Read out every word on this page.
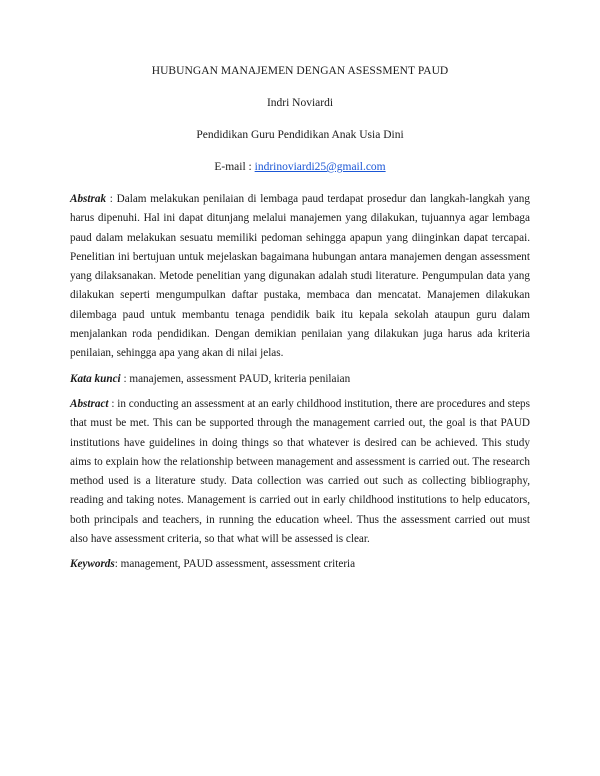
HUBUNGAN MANAJEMEN DENGAN ASESSMENT PAUD

Indri Noviardi

Pendidikan Guru Pendidikan Anak Usia Dini

E-mail : indrinoviardi25@gmail.com

Abstrak : Dalam melakukan penilaian di lembaga paud terdapat prosedur dan langkah-langkah yang harus dipenuhi. Hal ini dapat ditunjang melalui manajemen yang dilakukan, tujuannya agar lembaga paud dalam melakukan sesuatu memiliki pedoman sehingga apapun yang diinginkan dapat tercapai. Penelitian ini bertujuan untuk mejelaskan bagaimana hubungan antara manajemen dengan assessment yang dilaksanakan. Metode penelitian yang digunakan adalah studi literature. Pengumpulan data yang dilakukan seperti mengumpulkan daftar pustaka, membaca dan mencatat. Manajemen dilakukan dilembaga paud untuk membantu tenaga pendidik baik itu kepala sekolah ataupun guru dalam menjalankan roda pendidikan. Dengan demikian penilaian yang dilakukan juga harus ada kriteria penilaian, sehingga apa yang akan di nilai jelas.

Kata kunci : manajemen, assessment PAUD, kriteria penilaian

Abstract : in conducting an assessment at an early childhood institution, there are procedures and steps that must be met. This can be supported through the management carried out, the goal is that PAUD institutions have guidelines in doing things so that whatever is desired can be achieved. This study aims to explain how the relationship between management and assessment is carried out. The research method used is a literature study. Data collection was carried out such as collecting bibliography, reading and taking notes. Management is carried out in early childhood institutions to help educators, both principals and teachers, in running the education wheel. Thus the assessment carried out must also have assessment criteria, so that what will be assessed is clear.

Keywords: management, PAUD assessment, assessment criteria
